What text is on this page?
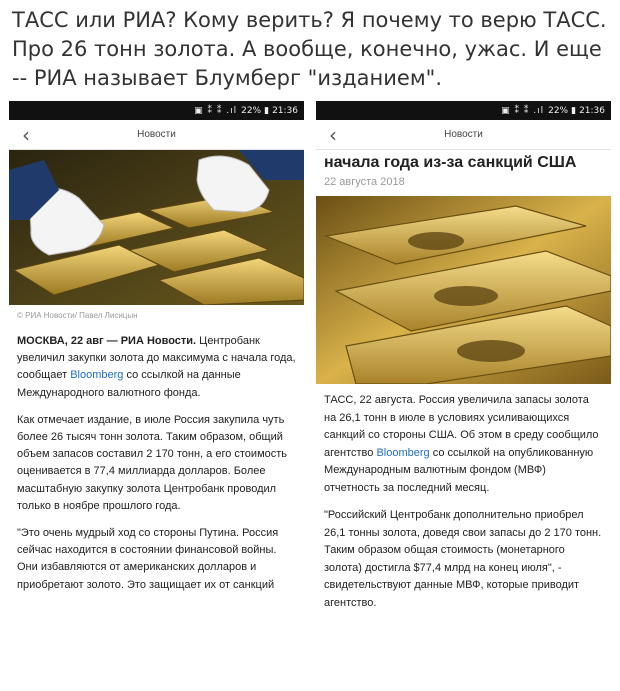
ТАСС или РИА? Кому верить? Я почему то верю ТАСС. Про 26 тонн золота. А вообще, конечно, ужас. И еще -- РИА называет Блумберг "изданием".
▣ ⁑ ⁑ .ıl 22% ▮ 21:36
‹	Новости
© РИА Новости/ Павел Лисицын

МОСКВА, 22 авг — РИА Новости. Центробанк увеличил закупки золота до максимума с начала года, сообщает Bloomberg со ссылкой на данные Международного валютного фонда.

Как отмечает издание, в июле Россия закупила чуть более 26 тысяч тонн золота. Таким образом, общий объем запасов составил 2 170 тонн, а его стоимость оценивается в 77,4 миллиарда долларов. Более масштабную закупку золота Центробанк проводил только в ноябре прошлого года.

"Это очень мудрый ход со стороны Путина. Россия сейчас находится в состоянии финансовой войны. Они избавляются от американских долларов и приобретают золото. Это защищает их от санкций

▣ ⁑ ⁑ .ıl 22% ▮ 21:36
‹	Новости
начала года из-за санкций США
22 августа 2018

ТАСС, 22 августа. Россия увеличила запасы золота на 26,1 тонн в июле в условиях усиливающихся санкций со стороны США. Об этом в среду сообщило агентство Bloomberg со ссылкой на опубликованную Международным валютным фондом (МВФ) отчетность за последний месяц.

"Российский Центробанк дополнительно приобрел 26,1 тонны золота, доведя свои запасы до 2 170 тонн. Таким образом общая стоимость (монетарного золота) достигла $77,4 млрд на конец июля", - свидетельствуют данные МВФ, которые приводит агентство.
